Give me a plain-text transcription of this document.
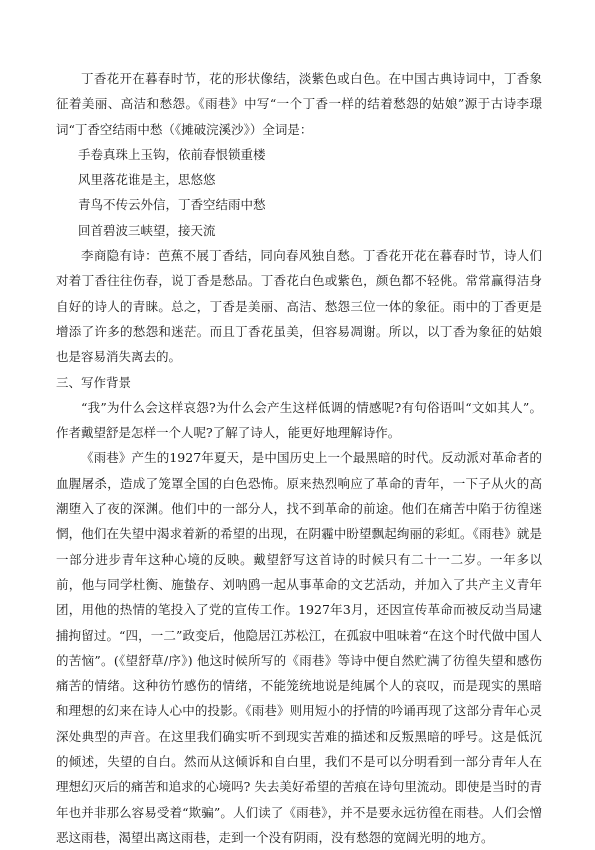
丁香花开在暮春时节，花的形状像结，淡紫色或白色。在中国古典诗词中，丁香象征着美丽、高洁和愁怨。《雨巷》中写“一个丁香一样的结着愁怨的姑娘”源于古诗李璟词“丁香空结雨中愁（《摊破浣溪沙》）全词是：

手卷真珠上玉钩，依前春恨锁重楼

风里落花谁是主，思悠悠

青鸟不传云外信，丁香空结雨中愁

回首碧波三峡望，接天流

李商隐有诗：芭蕉不展丁香结，同向春风独自愁。丁香花开花在暮春时节，诗人们对着丁香往往伤春，说丁香是愁品。丁香花白色或紫色，颜色都不轻佻。常常赢得洁身自好的诗人的青睐。总之，丁香是美丽、高洁、愁怨三位一体的象征。雨中的丁香更是增添了许多的愁怨和迷茫。而且丁香花虽美，但容易凋谢。所以，以丁香为象征的姑娘也是容易消失离去的。

三、写作背景

“我”为什么会这样哀怨?为什么会产生这样低调的情感呢?有句俗语叫“文如其人”。作者戴望舒是怎样一个人呢?了解了诗人，能更好地理解诗作。

《雨巷》产生的1927年夏天，是中国历史上一个最黑暗的时代。反动派对革命者的血腥屠杀，造成了笼罩全国的白色恐怖。原来热烈响应了革命的青年，一下子从火的高潮堕入了夜的深渊。他们中的一部分人，找不到革命的前途。他们在痛苦中陷于彷徨迷惘，他们在失望中渴求着新的希望的出现，在阴霾中盼望飘起绚丽的彩虹。《雨巷》就是一部分进步青年这种心境的反映。戴望舒写这首诗的时候只有二十一二岁。一年多以前，他与同学杜衡、施蛰存、刘呐鸥一起从事革命的文艺活动，并加入了共产主义青年团，用他的热情的笔投入了党的宣传工作。1927年3月，还因宣传革命而被反动当局逮捕拘留过。“四，一二”政变后，他隐居江苏松江，在孤寂中咀味着“在这个时代做中国人的苦恼”。(《望舒草/序》) 他这时候所写的《雨巷》等诗中便自然贮满了彷徨失望和感伤痛苦的情绪。这种彷竹感伤的情绪，不能笼统地说是纯属个人的哀叹，而是现实的黑暗和理想的幻来在诗人心中的投影。《雨巷》则用短小的抒情的吟诵再现了这部分青年心灵深处典型的声音。在这里我们确实听不到现实苦难的描述和反叛黑暗的呼号。这是低沉的倾述，失望的自白。然而从这倾诉和自白里，我们不是可以分明看到一部分青年人在理想幻灭后的痛苦和追求的心境吗? 失去美好希望的苦痕在诗句里流动。即使是当时的青年也并非那么容易受着“欺骗”。人们读了《雨巷》，并不是要永远彷徨在雨巷。人们会憎恶这雨巷，渴望出离这雨巷，走到一个没有阴雨，没有愁怨的宽阔光明的地方。
